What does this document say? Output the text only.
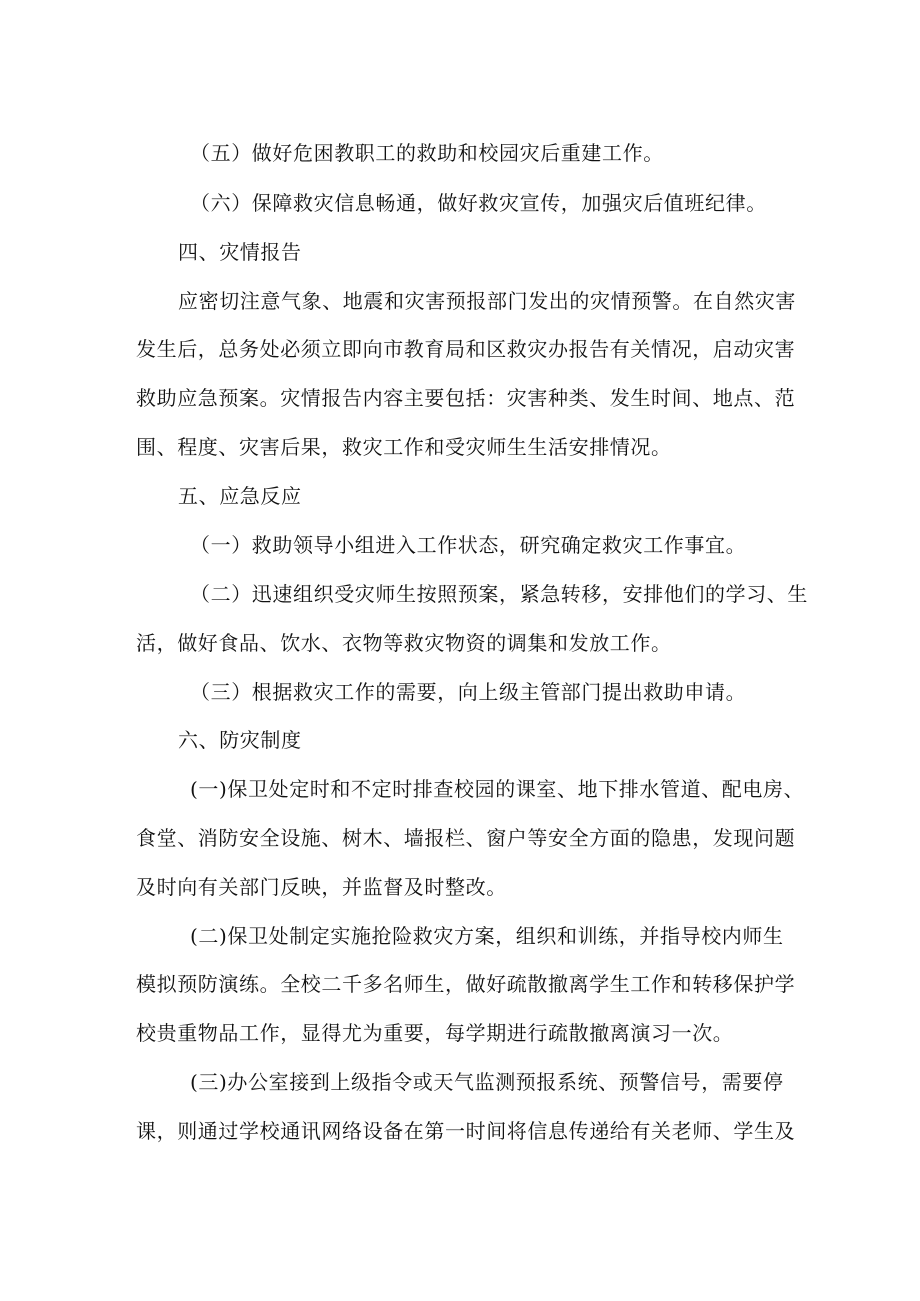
（五）做好危困教职工的救助和校园灾后重建工作。
（六）保障救灾信息畅通，做好救灾宣传，加强灾后值班纪律。
四、灾情报告
应密切注意气象、地震和灾害预报部门发出的灾情预警。在自然灾害
发生后，总务处必须立即向市教育局和区救灾办报告有关情况，启动灾害
救助应急预案。灾情报告内容主要包括：灾害种类、发生时间、地点、范
围、程度、灾害后果，救灾工作和受灾师生生活安排情况。
五、应急反应
（一）救助领导小组进入工作状态，研究确定救灾工作事宜。
（二）迅速组织受灾师生按照预案，紧急转移，安排他们的学习、生
活，做好食品、饮水、衣物等救灾物资的调集和发放工作。
（三）根据救灾工作的需要，向上级主管部门提出救助申请。
六、防灾制度
(一)保卫处定时和不定时排查校园的课室、地下排水管道、配电房、
食堂、消防安全设施、树木、墙报栏、窗户等安全方面的隐患，发现问题
及时向有关部门反映，并监督及时整改。
(二)保卫处制定实施抢险救灾方案，组织和训练，并指导校内师生
模拟预防演练。全校二千多名师生，做好疏散撤离学生工作和转移保护学
校贵重物品工作，显得尤为重要，每学期进行疏散撤离演习一次。
(三)办公室接到上级指令或天气监测预报系统、预警信号，需要停
课，则通过学校通讯网络设备在第一时间将信息传递给有关老师、学生及
